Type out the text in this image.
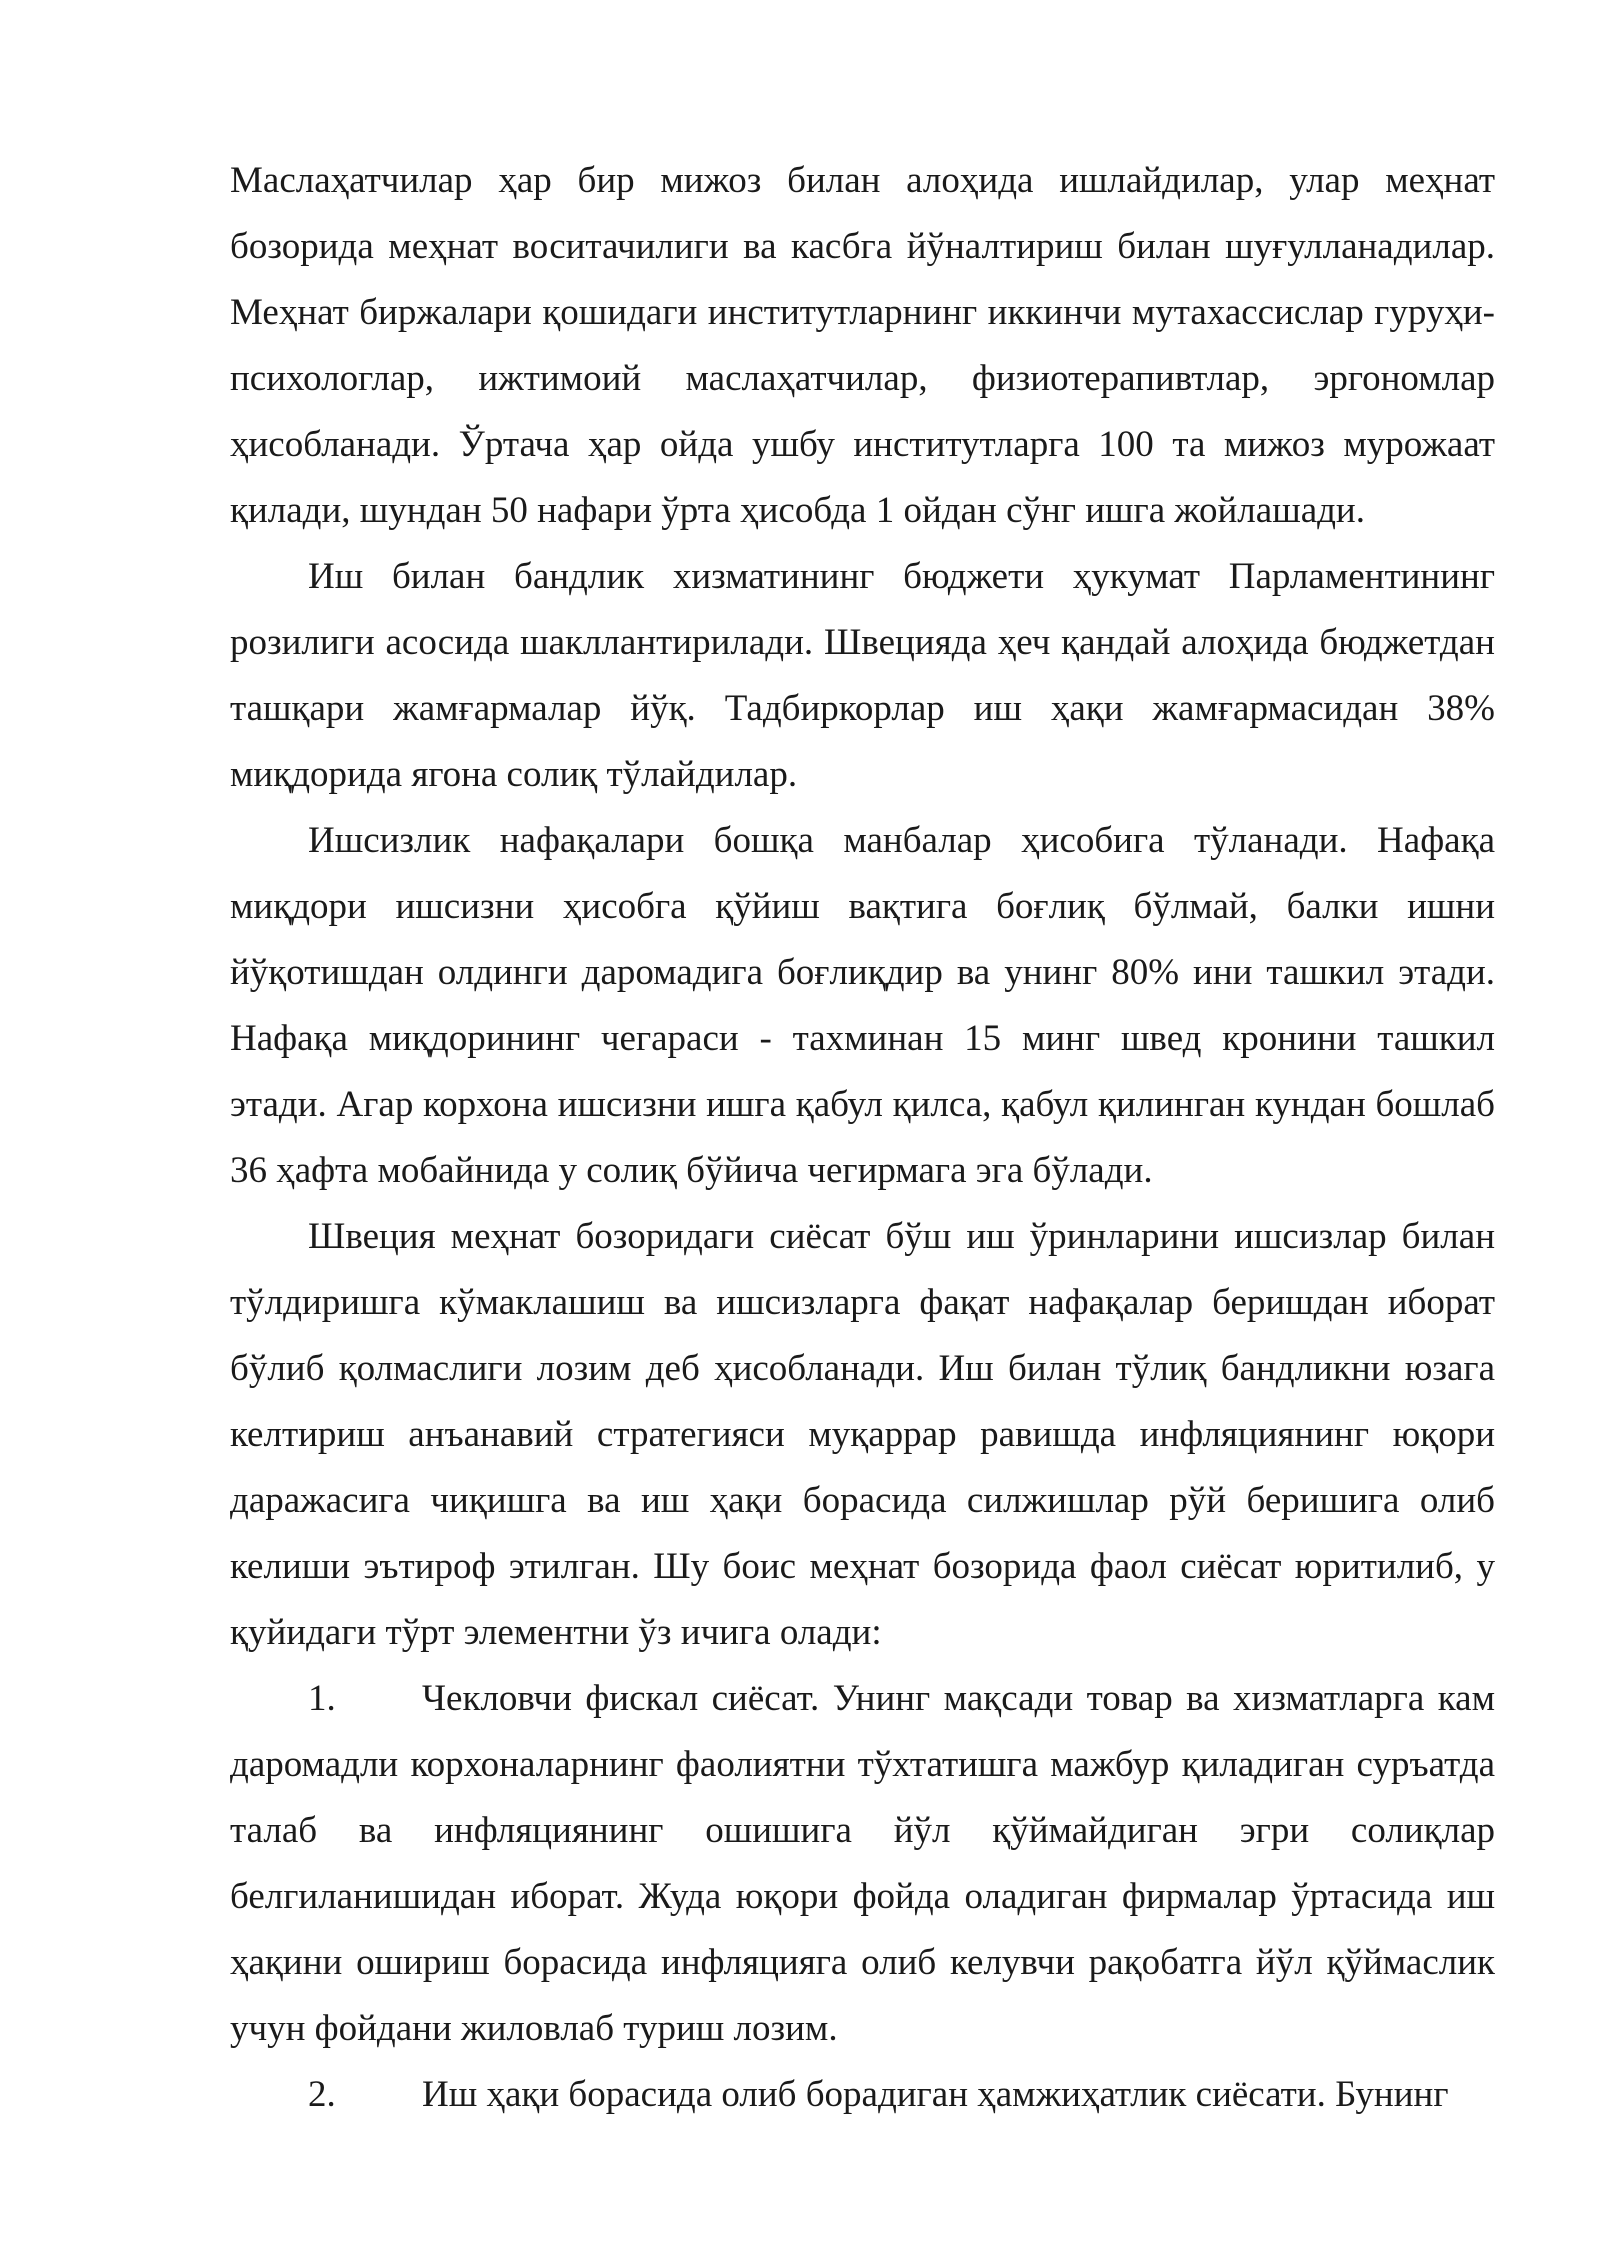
Маслаҳатчилар ҳар бир мижоз билан алоҳида ишлайдилар, улар меҳнат бозорида меҳнат воситачилиги ва касбга йўналтириш билан шуғулланадилар. Меҳнат биржалари қошидаги институтларнинг иккинчи мутахассислар гуруҳи-психологлар, ижтимоий маслаҳатчилар, физиотерапивтлар, эргономлар ҳисобланади. Ўртача ҳар ойда ушбу институтларга 100 та мижоз мурожаат қилади, шундан 50 нафари ўрта ҳисобда 1 ойдан сўнг ишга жойлашади.

Иш билан бандлик хизматининг бюджети ҳукумат Парламентининг розилиги асосида шакллантирилади. Швецияда ҳеч қандай алоҳида бюджетдан ташқари жамғармалар йўқ. Тадбиркорлар иш ҳақи жамғармасидан 38% миқдорида ягона солиқ тўлайдилар.

Ишсизлик нафақалари бошқа манбалар ҳисобига тўланади. Нафақа миқдори ишсизни ҳисобга қўйиш вақтига боғлиқ бўлмай, балки ишни йўқотишдан олдинги даромадига боғлиқдир ва унинг 80% ини ташкил этади. Нафақа миқдорининг чегараси - тахминан 15 минг швед кронини ташкил этади. Агар корхона ишсизни ишга қабул қилса, қабул қилинган кундан бошлаб 36 ҳафта мобайнида у солиқ бўйича чегирмага эга бўлади.

Швеция меҳнат бозоридаги сиёсат бўш иш ўринларини ишсизлар билан тўлдиришга кўмаклашиш ва ишсизларга фақат нафақалар беришдан иборат бўлиб қолмаслиги лозим деб ҳисобланади. Иш билан тўлиқ бандликни юзага келтириш анъанавий стратегияси муқаррар равишда инфляциянинг юқори даражасига чиқишга ва иш ҳақи борасида силжишлар рўй беришига олиб келиши эътироф этилган. Шу боис меҳнат бозорида фаол сиёсат юритилиб, у қуйидаги тўрт элементни ўз ичига олади:

1. Чекловчи фискал сиёсат. Унинг мақсади товар ва хизматларга кам даромадли корхоналарнинг фаолиятни тўхтатишга мажбур қиладиган суръатда талаб ва инфляциянинг ошишига йўл қўймайдиган эгри солиқлар белгиланишидан иборат. Жуда юқори фойда оладиган фирмалар ўртасида иш ҳақини ошириш борасида инфляцияга олиб келувчи рақобатга йўл қўймаслик учун фойдани жиловлаб туриш лозим.

2. Иш ҳақи борасида олиб борадиган ҳамжиҳатлик сиёсати. Бунинг
